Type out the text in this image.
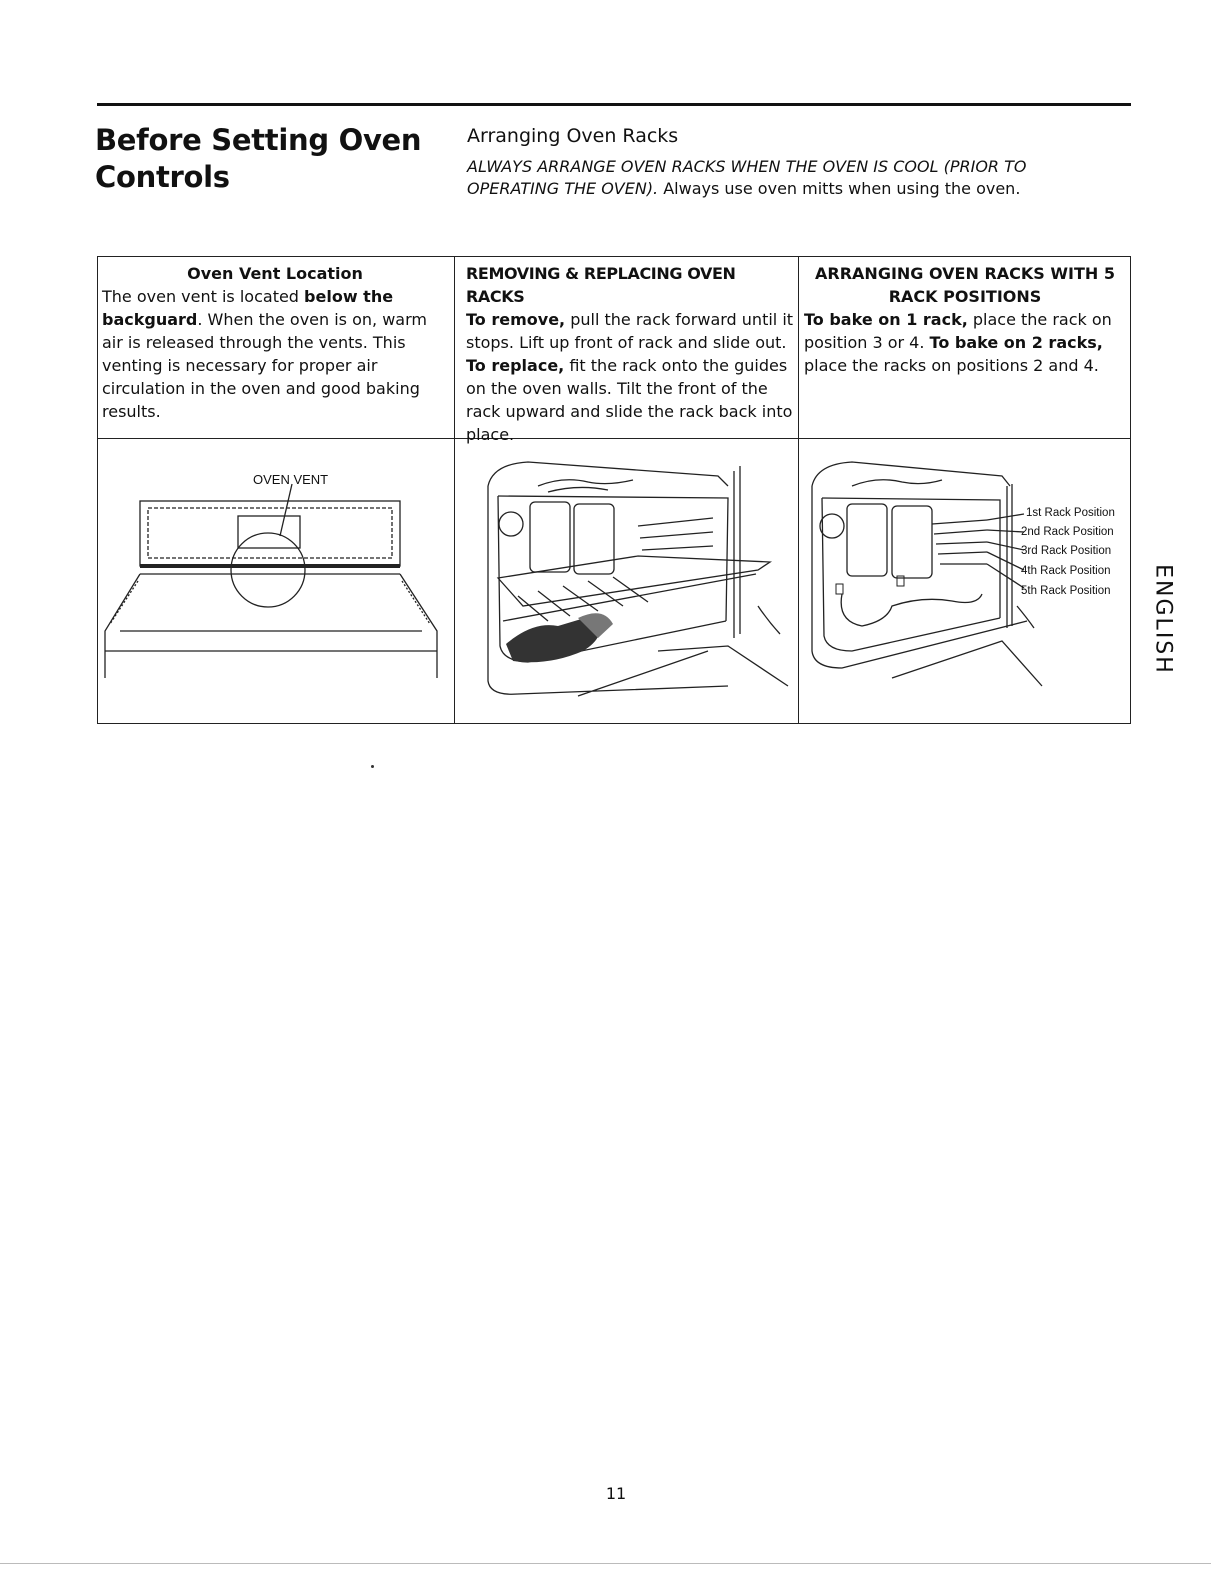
Before Setting Oven Controls
Arranging Oven Racks
ALWAYS ARRANGE OVEN RACKS WHEN THE OVEN IS COOL (PRIOR TO OPERATING THE OVEN). Always use oven mitts when using the oven.
Oven Vent Location

The oven vent is located below the backguard. When the oven is on, warm air is released through the vents. This venting is necessary for proper air circulation in the oven and good baking results.

REMOVING & REPLACING OVEN RACKS

To remove, pull the rack forward until it stops. Lift up front of rack and slide out. To replace, fit the rack onto the guides on the oven walls. Tilt the front of the rack upward and slide the rack back into place.

ARRANGING OVEN RACKS WITH 5 RACK POSITIONS

To bake on 1 rack, place the rack on position 3 or 4. To bake on 2 racks, place the racks on positions 2 and 4.

OVEN VENT
1st Rack Position
2nd Rack Position
3rd Rack Position
4th Rack Position
5th Rack Position ENGLISH
11
